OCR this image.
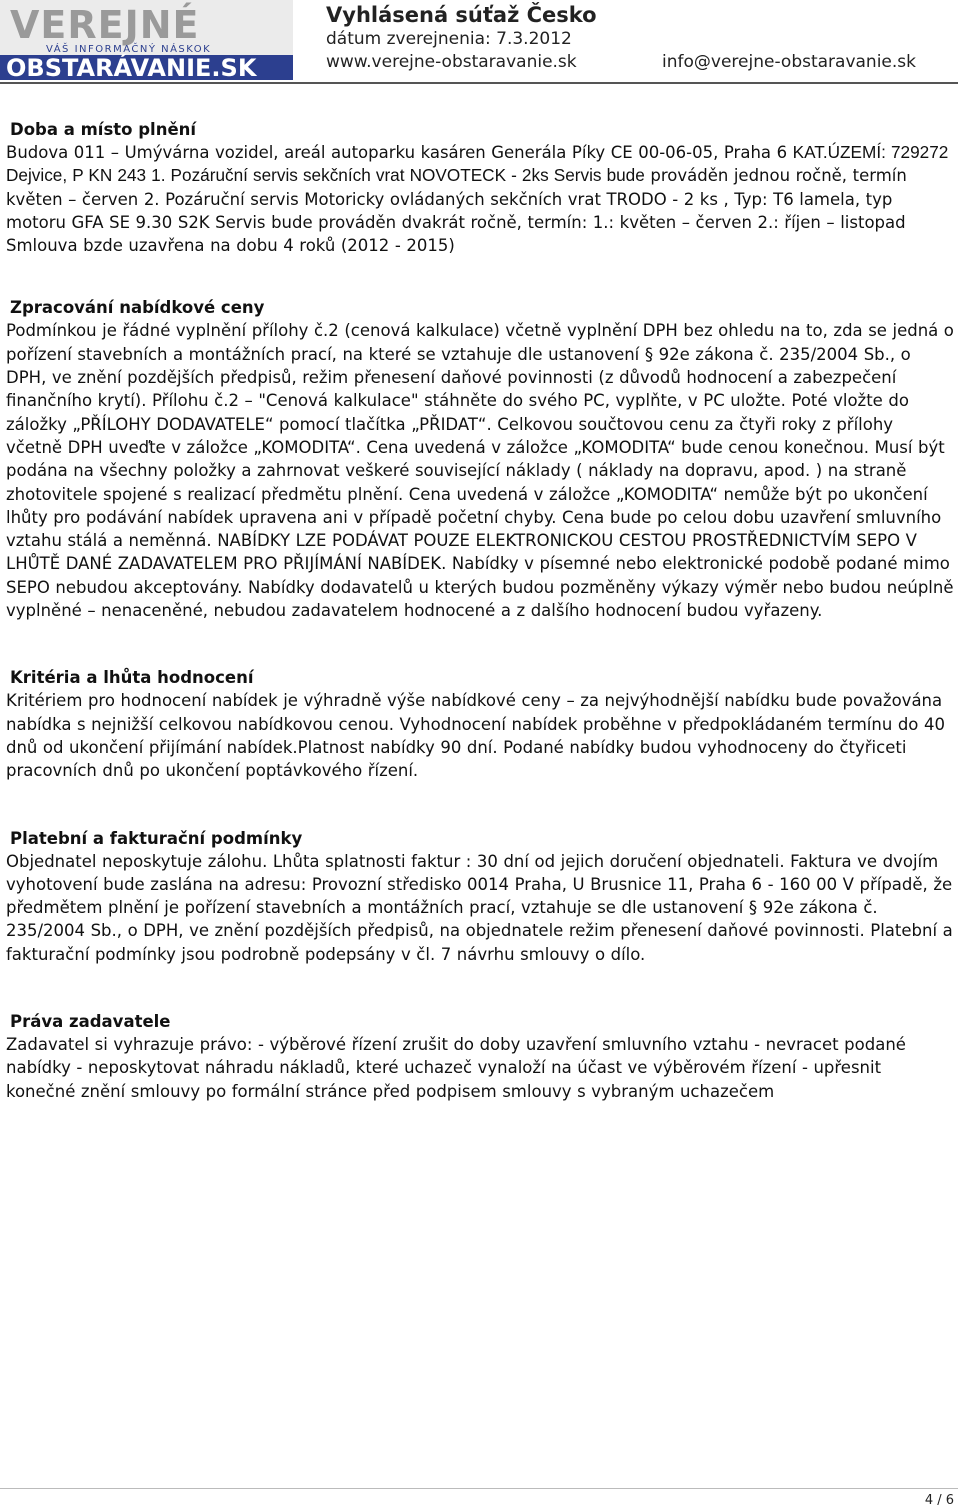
VEREJNÉ
VÁŠ INFORMAČNÝ NÁSKOK
OBSTARÁVANIE.SK
Vyhlásená súťaž Česko
dátum zverejnenia: 7.3.2012
www.verejne-obstaravanie.sk	info@verejne-obstaravanie.sk
Doba a místo plnění

Budova 011 – Umývárna vozidel, areál autoparku kasáren Generála Píky CE 00-06-05, Praha 6 KAT.ÚZEMÍ: 729272 Dejvice, P KN 243 1. Pozáruční servis sekčních vrat NOVOTECK - 2ks Servis bude prováděn jednou ročně, termín květen – červen 2. Pozáruční servis Motoricky ovládaných sekčních vrat TRODO - 2 ks , Typ: T6 lamela, typ motoru GFA SE 9.30 S2K Servis bude prováděn dvakrát ročně, termín: 1.: květen – červen 2.: říjen – listopad Smlouva bzde uzavřena na dobu 4 roků (2012 - 2015)

Zpracování nabídkové ceny

Podmínkou je řádné vyplnění přílohy č.2 (cenová kalkulace) včetně vyplnění DPH bez ohledu na to, zda se jedná o pořízení stavebních a montážních prací, na které se vztahuje dle ustanovení § 92e zákona č. 235/2004 Sb., o DPH, ve znění pozdějších předpisů, režim přenesení daňové povinnosti (z důvodů hodnocení a zabezpečení finančního krytí). Přílohu č.2 – "Cenová kalkulace" stáhněte do svého PC, vyplňte, v PC uložte. Poté vložte do záložky „PŘÍLOHY DODAVATELE“ pomocí tlačítka „PŘIDAT“. Celkovou součtovou cenu za čtyři roky z přílohy včetně DPH uveďte v záložce „KOMODITA“. Cena uvedená v záložce „KOMODITA“ bude cenou konečnou. Musí být podána na všechny položky a zahrnovat veškeré související náklady ( náklady na dopravu, apod. ) na straně zhotovitele spojené s realizací předmětu plnění. Cena uvedená v záložce „KOMODITA“ nemůže být po ukončení lhůty pro podávání nabídek upravena ani v případě početní chyby. Cena bude po celou dobu uzavření smluvního vztahu stálá a neměnná. NABÍDKY LZE PODÁVAT POUZE ELEKTRONICKOU CESTOU PROSTŘEDNICTVÍM SEPO V LHŮTĚ DANÉ ZADAVATELEM PRO PŘIJÍMÁNÍ NABÍDEK. Nabídky v písemné nebo elektronické podobě podané mimo SEPO nebudou akceptovány. Nabídky dodavatelů u kterých budou pozměněny výkazy výměr nebo budou neúplně vyplněné – nenaceněné, nebudou zadavatelem hodnocené a z dalšího hodnocení budou vyřazeny.

Kritéria a lhůta hodnocení

Kritériem pro hodnocení nabídek je výhradně výše nabídkové ceny – za nejvýhodnější nabídku bude považována nabídka s nejnižší celkovou nabídkovou cenou. Vyhodnocení nabídek proběhne v předpokládaném termínu do 40 dnů od ukončení přijímání nabídek.Platnost nabídky 90 dní. Podané nabídky budou vyhodnoceny do čtyřiceti pracovních dnů po ukončení poptávkového řízení.

Platební a fakturační podmínky

Objednatel neposkytuje zálohu. Lhůta splatnosti faktur : 30 dní od jejich doručení objednateli. Faktura ve dvojím vyhotovení bude zaslána na adresu: Provozní středisko 0014 Praha, U Brusnice 11, Praha 6 - 160 00 V případě, že předmětem plnění je pořízení stavebních a montážních prací, vztahuje se dle ustanovení § 92e zákona č. 235/2004 Sb., o DPH, ve znění pozdějších předpisů, na objednatele režim přenesení daňové povinnosti. Platební a fakturační podmínky jsou podrobně podepsány v čl. 7 návrhu smlouvy o dílo.

Práva zadavatele

Zadavatel si vyhrazuje právo: - výběrové řízení zrušit do doby uzavření smluvního vztahu - nevracet podané nabídky - neposkytovat náhradu nákladů, které uchazeč vynaloží na účast ve výběrovém řízení - upřesnit konečné znění smlouvy po formální stránce před podpisem smlouvy s vybraným uchazečem

4 / 6
